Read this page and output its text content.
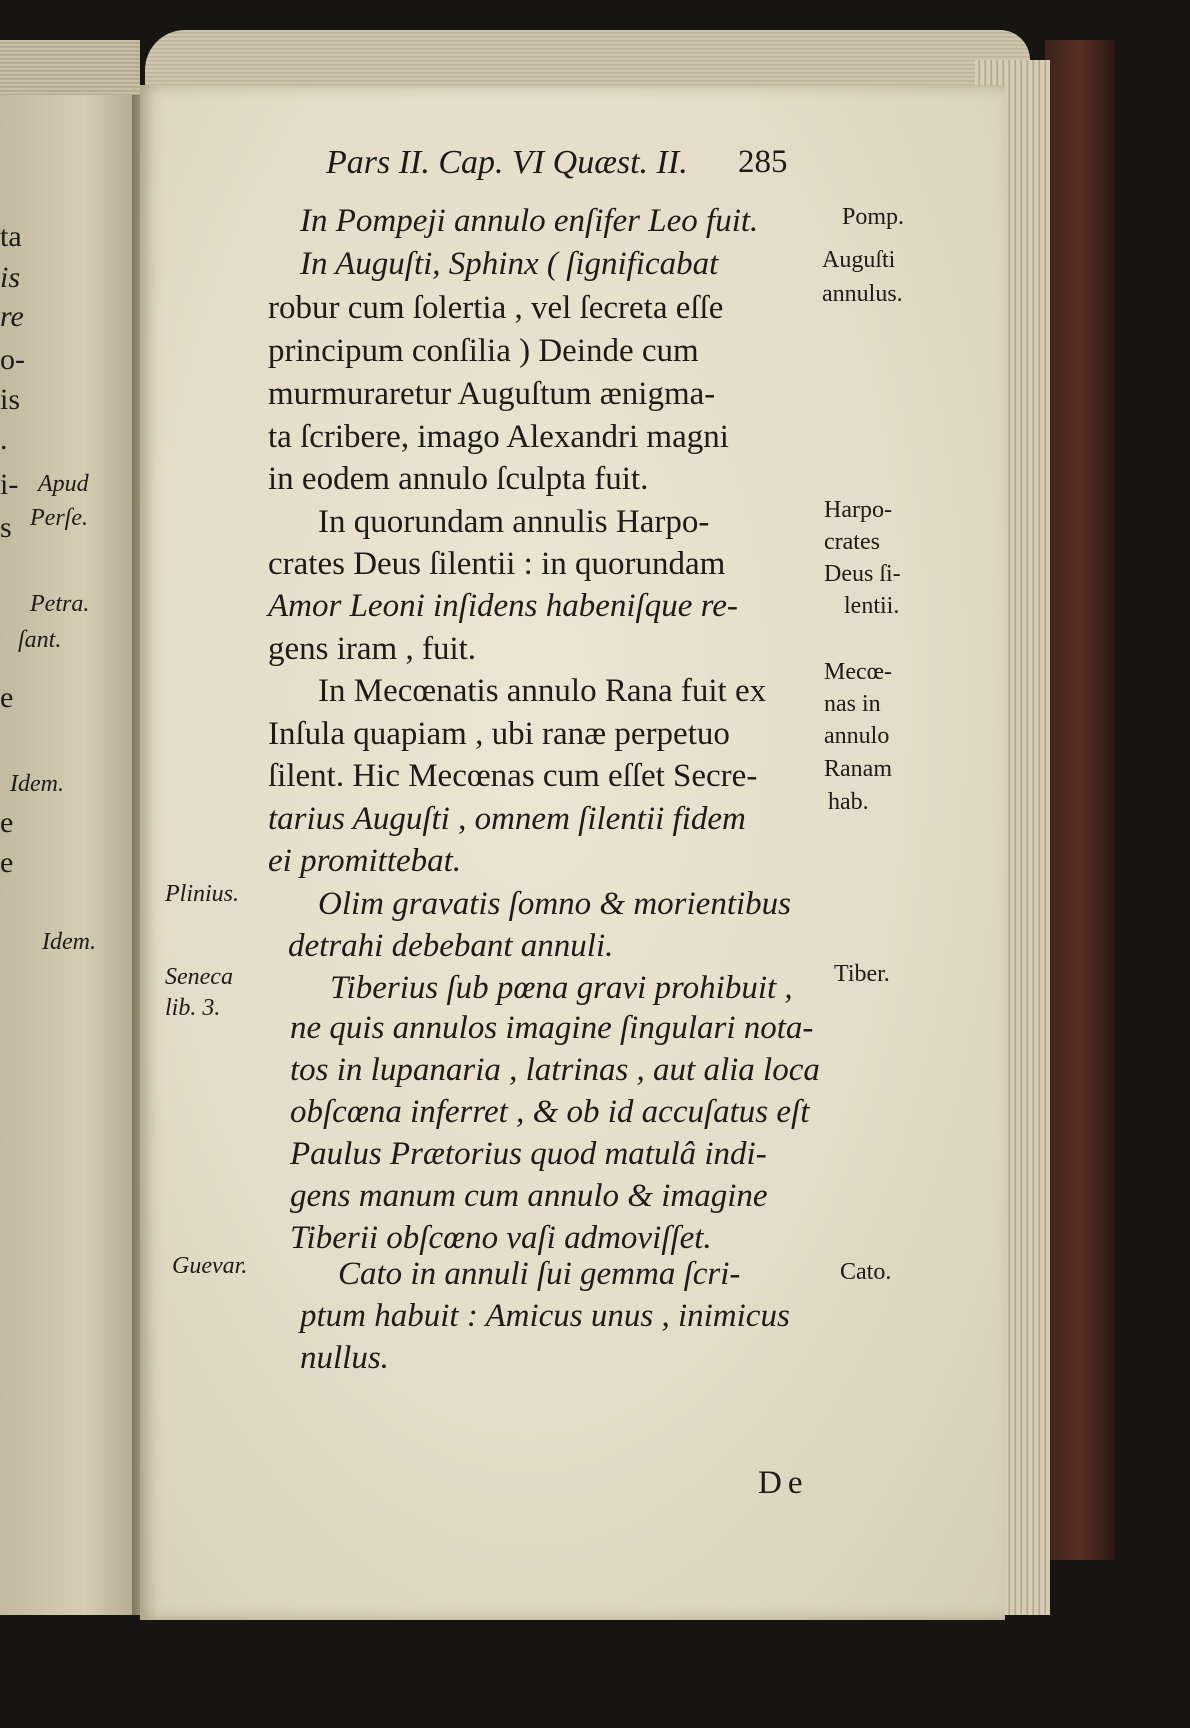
ta
is
re
o-
is
.
i-
s
Apud
Perſe.
Petra.
ſant.
e
Idem.
e
e
Pars II. Cap. VI Quæst. II. 285
In Pompeji annulo enſifer Leo fuit.
In Auguſti, Sphinx ( ſignificabat
robur cum ſolertia , vel ſecreta eſſe
principum conſilia ) Deinde cum
murmuraretur Auguſtum ænigma-
ta ſcribere, imago Alexandri magni
in eodem annulo ſculpta fuit.
In quorundam annulis Harpo-
crates Deus ſilentii : in quorundam
Amor Leoni inſidens habeniſque re-
gens iram , fuit.
In Mecœnatis annulo Rana fuit ex
Inſula quapiam , ubi ranæ perpetuo
ſilent. Hic Mecœnas cum eſſet Secre-
tarius Auguſti , omnem ſilentii fidem
ei promittebat.
Olim gravatis ſomno & morientibus
detrahi debebant annuli.
Tiberius ſub pœna gravi prohibuit ,
ne quis annulos imagine ſingulari nota-
tos in lupanaria , latrinas , aut alia loca
obſcœna inferret , & ob id accuſatus eſt
Paulus Prætorius quod matulâ indi-
gens manum cum annulo & imagine
Tiberii obſcœno vaſi admoviſſet.
Cato in annuli ſui gemma ſcri-
ptum habuit : Amicus unus , inimicus
nullus.
Pomp.
Auguſti
annulus.
Harpo-
crates
Deus ſi-
lentii.
Mecœ-
nas in
annulo
Ranam
hab.
Tiber.
Cato.
Plinius.
Idem.
Seneca
lib. 3.
Guevar.
De
